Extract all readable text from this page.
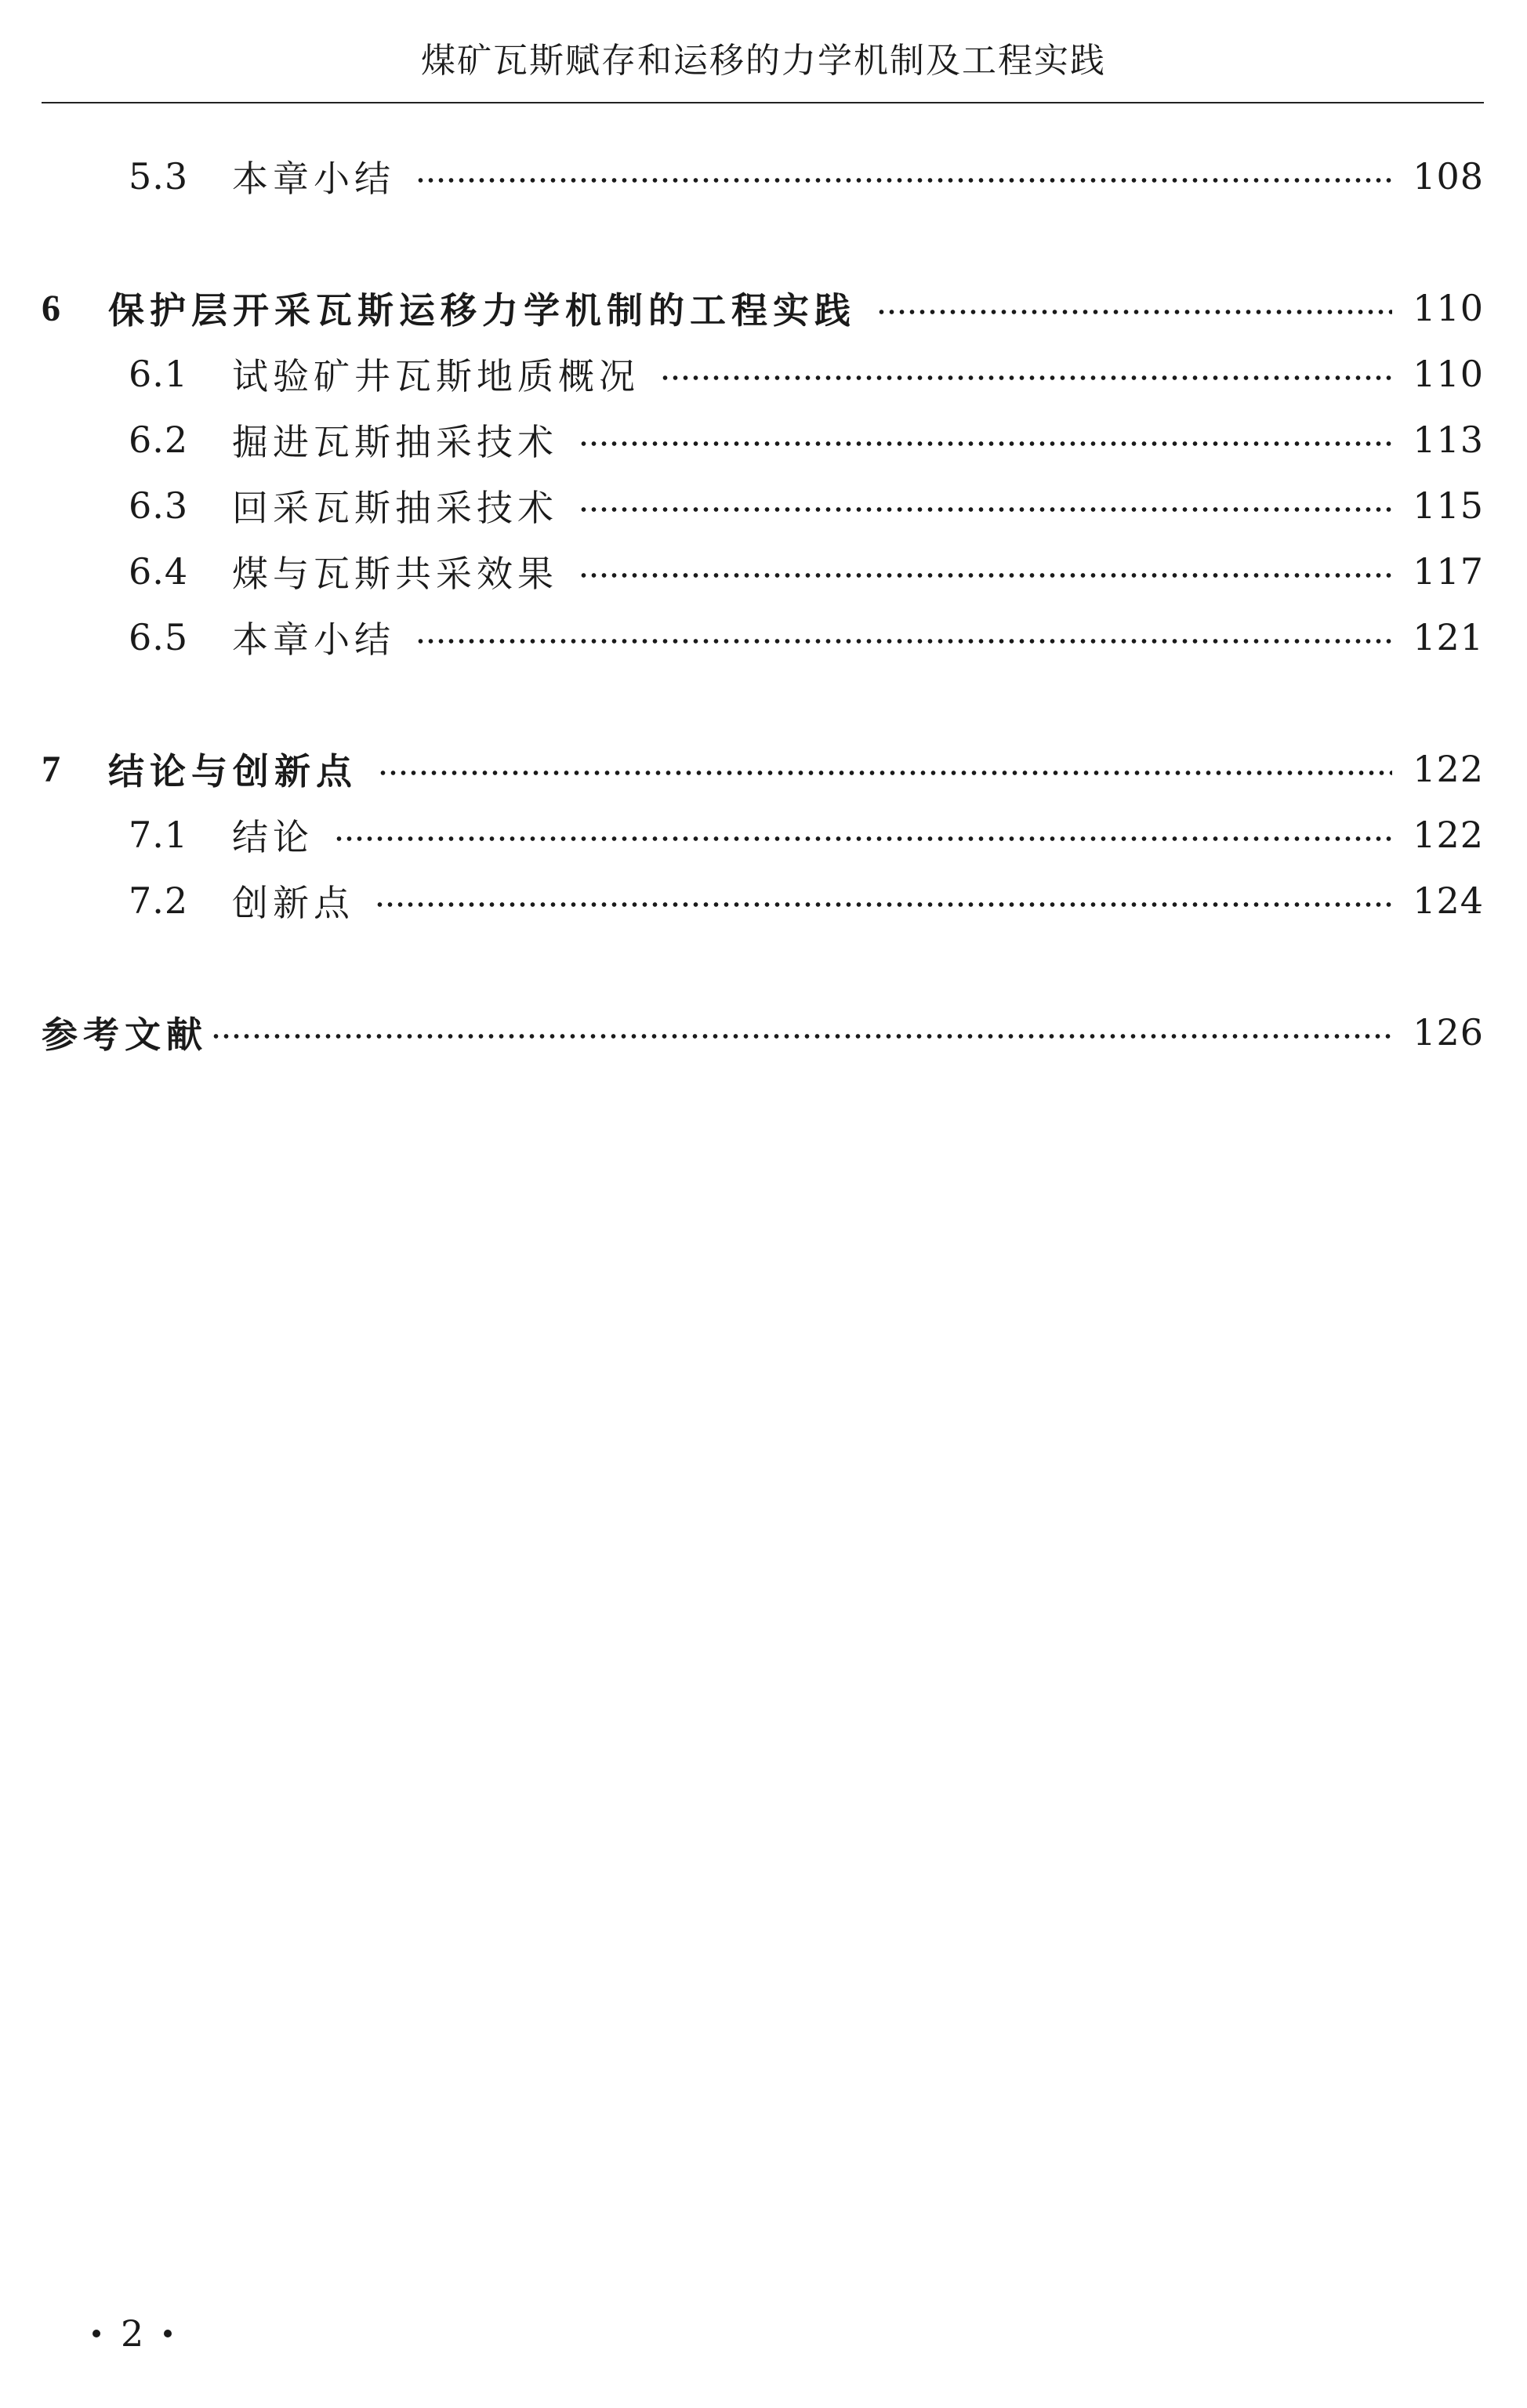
煤矿瓦斯赋存和运移的力学机制及工程实践
5.3	本章小结	108
6	保护层开采瓦斯运移力学机制的工程实践	110
6.1	试验矿井瓦斯地质概况	110
6.2	掘进瓦斯抽采技术	113
6.3	回采瓦斯抽采技术	115
6.4	煤与瓦斯共采效果	117
6.5	本章小结	121
7	结论与创新点	122
7.1	结论	122
7.2	创新点	124
参考文献	126
2
